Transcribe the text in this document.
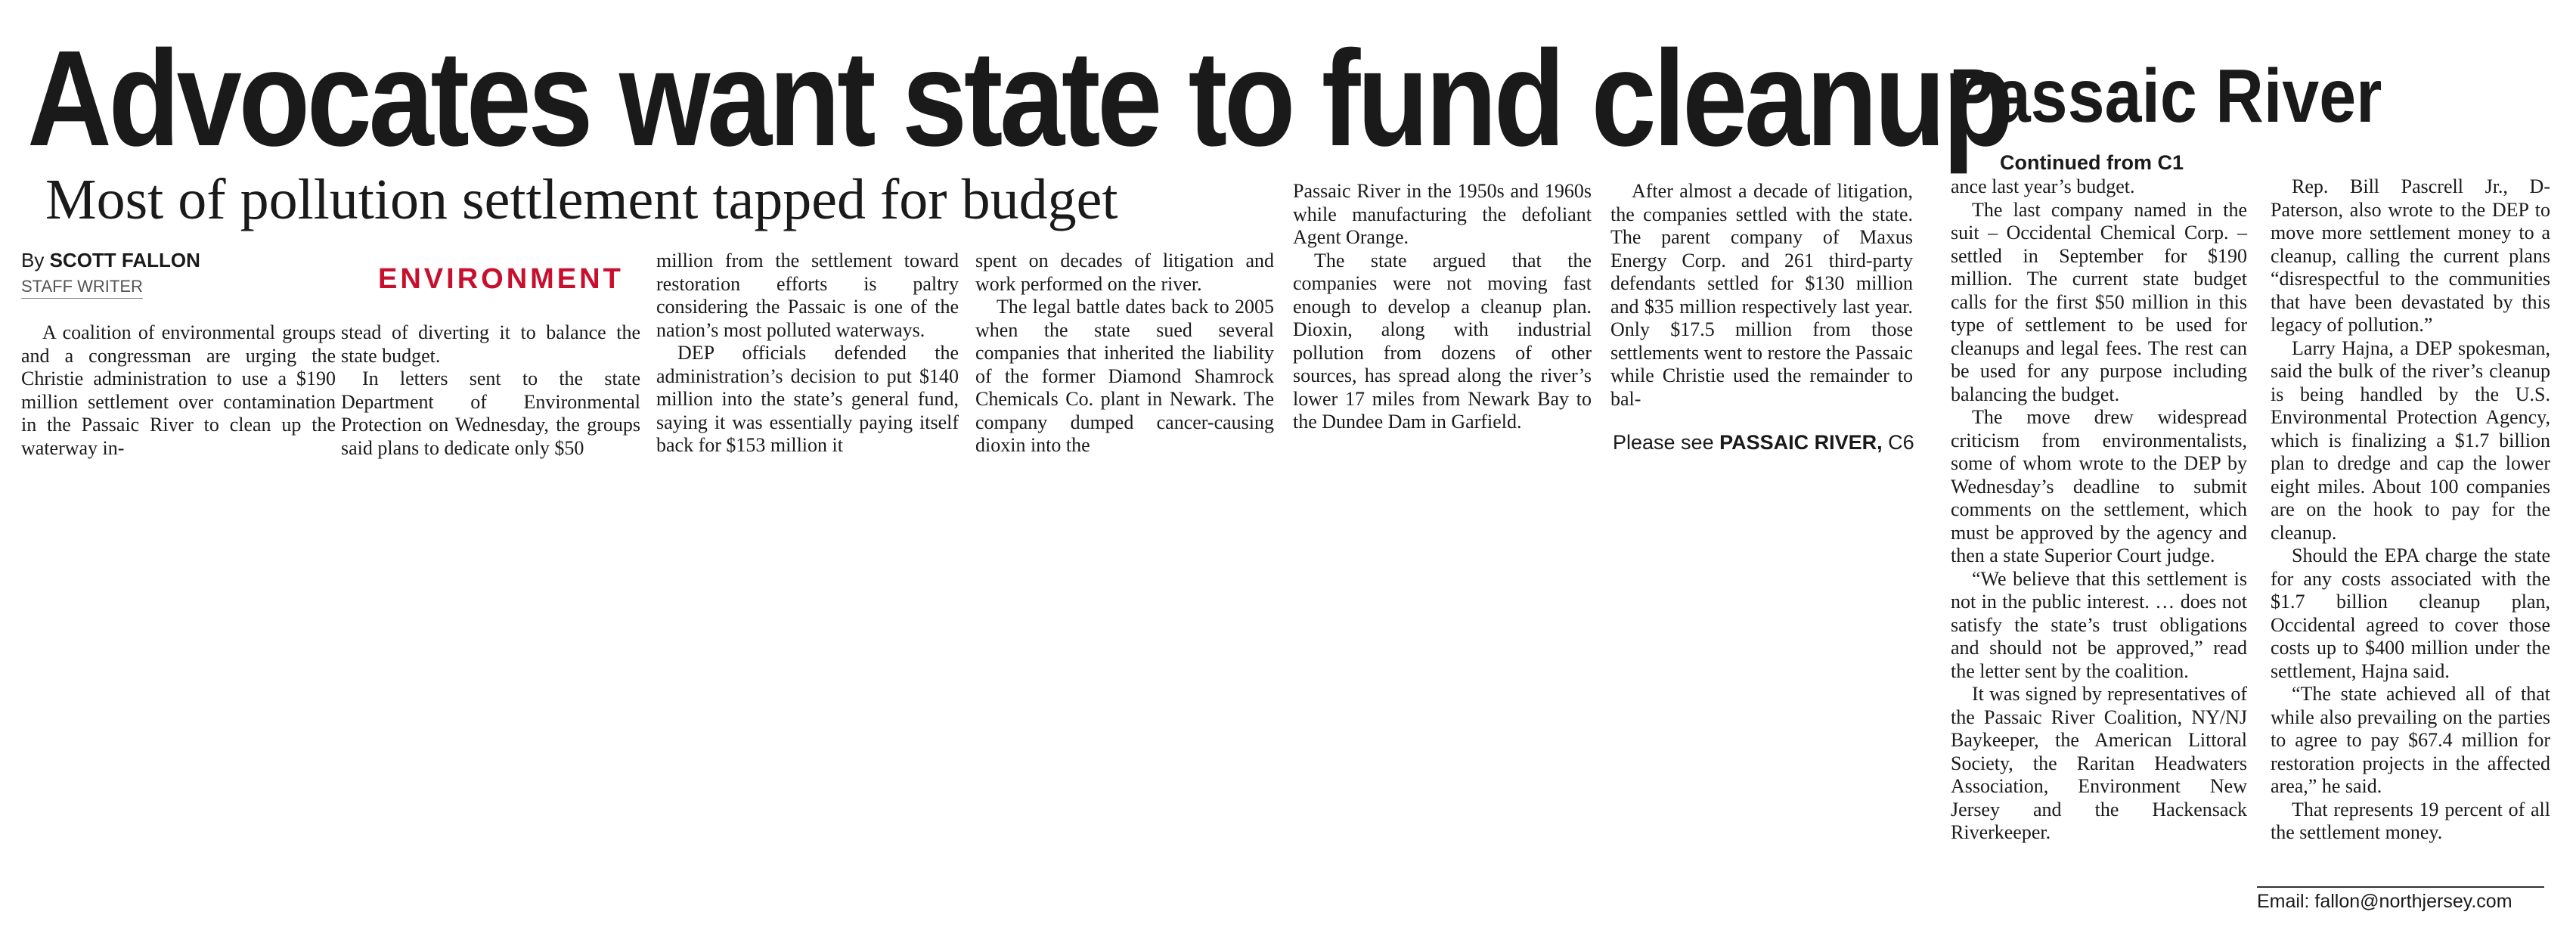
Advocates want state to fund cleanup
Passaic River
Most of pollution settlement tapped for budget
By SCOTT FALLON
STAFF WRITER	ENVIRONMENT

A coalition of environmental groups and a congressman are urging the Christie administration to use a $190 million settlement over contamination in the Passaic River to clean up the waterway in-

stead of diverting it to balance the state budget.

In letters sent to the state Department of Environmental Protection on Wednesday, the groups said plans to dedicate only $50

million from the settlement toward restoration efforts is paltry considering the Passaic is one of the nation’s most polluted waterways.

DEP officials defended the administration’s decision to put $140 million into the state’s general fund, saying it was essentially paying itself back for $153 million it

spent on decades of litigation and work performed on the river.

The legal battle dates back to 2005 when the state sued several companies that inherited the liability of the former Diamond Shamrock Chemicals Co. plant in Newark. The company dumped cancer-causing dioxin into the

Passaic River in the 1950s and 1960s while manufacturing the defoliant Agent Orange.

The state argued that the companies were not moving fast enough to develop a cleanup plan. Dioxin, along with industrial pollution from dozens of other sources, has spread along the river’s lower 17 miles from Newark Bay to the Dundee Dam in Garfield.

After almost a decade of litigation, the companies settled with the state. The parent company of Maxus Energy Corp. and 261 third-party defendants settled for $130 million and $35 million respectively last year. Only $17.5 million from those settlements went to restore the Passaic while Christie used the remainder to bal-

Please see PASSAIC RIVER, C6
Continued from C1

ance last year’s budget.

The last company named in the suit – Occidental Chemical Corp. – settled in September for $190 million. The current state budget calls for the first $50 million in this type of settlement to be used for cleanups and legal fees. The rest can be used for any purpose including balancing the budget.

The move drew widespread criticism from environmentalists, some of whom wrote to the DEP by Wednesday’s deadline to submit comments on the settlement, which must be approved by the agency and then a state Superior Court judge.

“We believe that this settlement is not in the public interest. … does not satisfy the state’s trust obligations and should not be approved,” read the letter sent by the coalition.

It was signed by representatives of the Passaic River Coalition, NY/NJ Baykeeper, the American Littoral Society, the Raritan Headwaters Association, Environment New Jersey and the Hackensack Riverkeeper.

Rep. Bill Pascrell Jr., D-Paterson, also wrote to the DEP to move more settlement money to a cleanup, calling the current plans “disrespectful to the communities that have been devastated by this legacy of pollution.”

Larry Hajna, a DEP spokesman, said the bulk of the river’s cleanup is being handled by the U.S. Environmental Protection Agency, which is finalizing a $1.7 billion plan to dredge and cap the lower eight miles. About 100 companies are on the hook to pay for the cleanup.

Should the EPA charge the state for any costs associated with the $1.7 billion cleanup plan, Occidental agreed to cover those costs up to $400 million under the settlement, Hajna said.

“The state achieved all of that while also prevailing on the parties to agree to pay $67.4 million for restoration projects in the affected area,” he said.

That represents 19 percent of all the settlement money.

Email: fallon@northjersey.com
